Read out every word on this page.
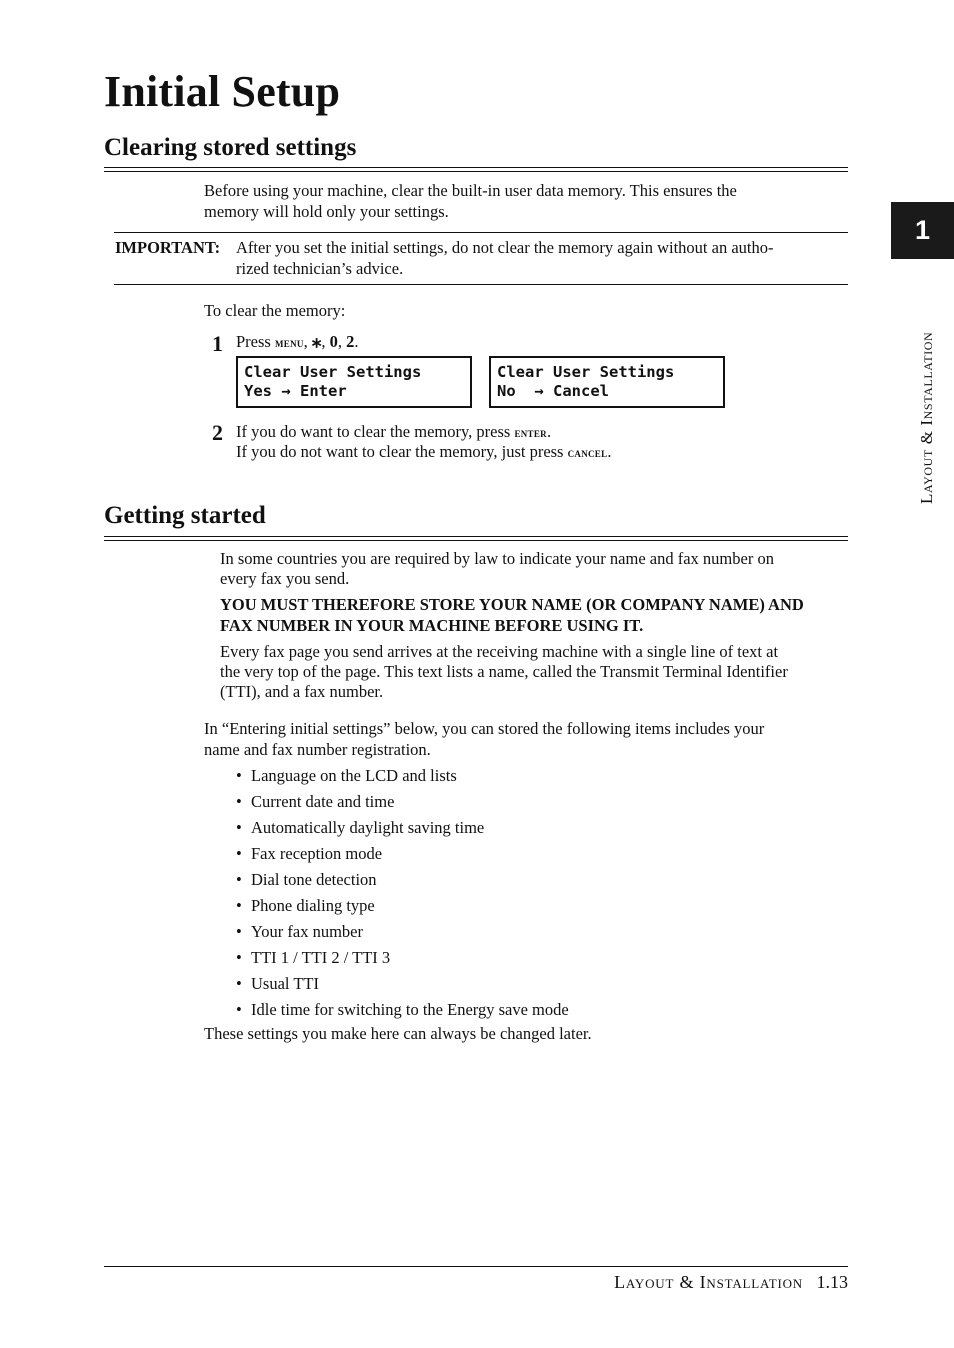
Initial Setup
1
Layout & Installation
Clearing stored settings

Before using your machine, clear the built-in user data memory. This ensures the

memory will hold only your settings.

IMPORTANT: After you set the initial settings, do not clear the memory again without an autho-

rized technician’s advice.

To clear the memory:

1 Press menu, ⁎, 0, 2.

Clear User Settings
Yes → Enter
Clear User Settings
No  → Cancel
2 If you do want to clear the memory, press enter.

If you do not want to clear the memory, just press cancel.

Getting started

In some countries you are required by law to indicate your name and fax number on

every fax you send.

YOU MUST THEREFORE STORE YOUR NAME (OR COMPANY NAME) AND

FAX NUMBER IN YOUR MACHINE BEFORE USING IT.

Every fax page you send arrives at the receiving machine with a single line of text at

the very top of the page. This text lists a name, called the Transmit Terminal Identifier

(TTI), and a fax number.

In “Entering initial settings” below, you can stored the following items includes your

name and fax number registration.

• Language on the LCD and lists
• Current date and time
• Automatically daylight saving time
• Fax reception mode
• Dial tone detection
• Phone dialing type
• Your fax number
• TTI 1 / TTI 2 / TTI 3
• Usual TTI
• Idle time for switching to the Energy save mode

These settings you make here can always be changed later.

Layout & Installation 1.13
